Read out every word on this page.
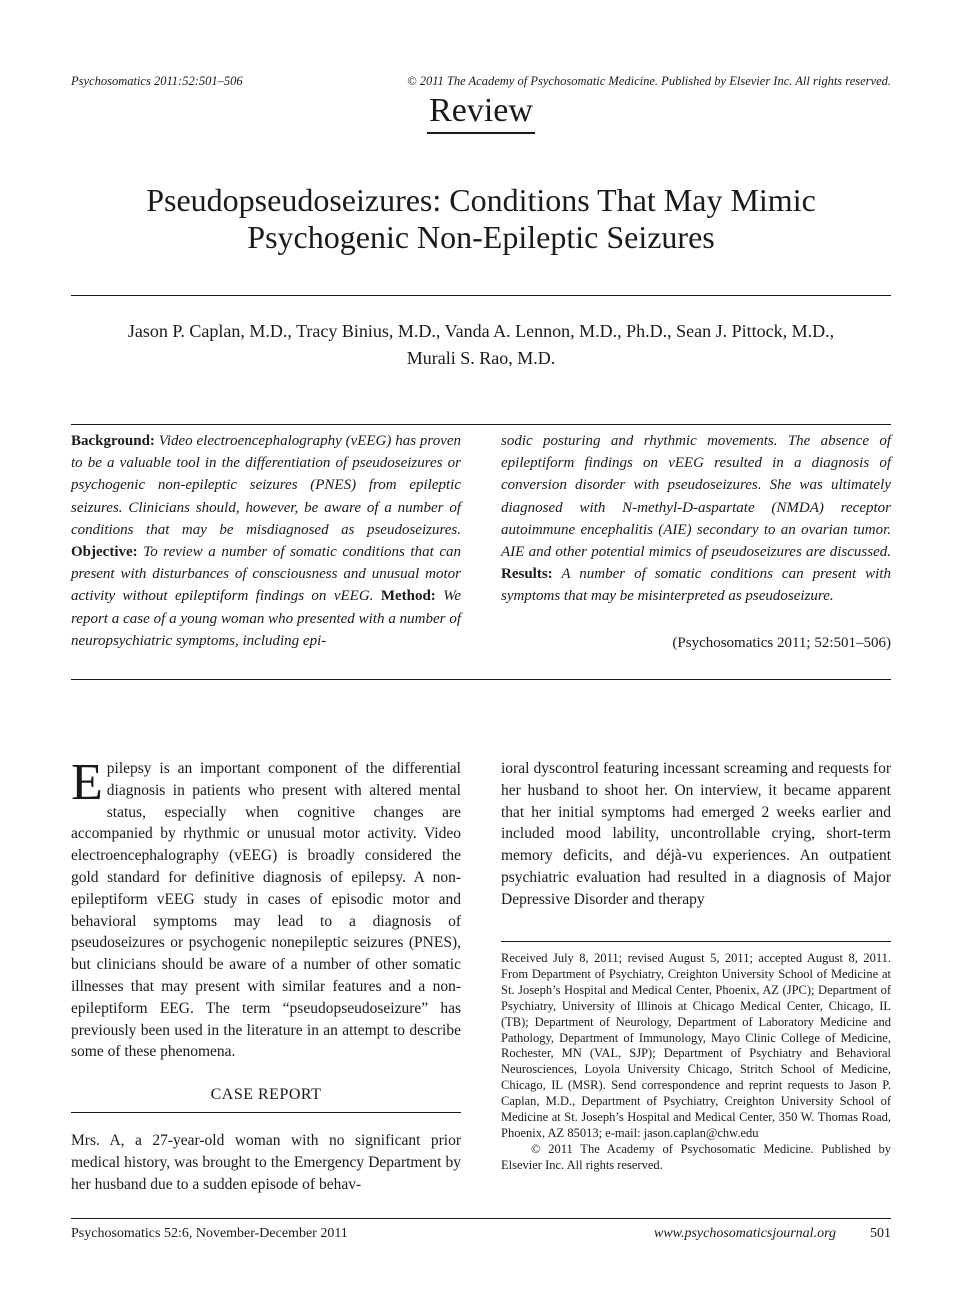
Psychosomatics 2011:52:501–506	© 2011 The Academy of Psychosomatic Medicine. Published by Elsevier Inc. All rights reserved.
Review
Pseudopseudoseizures: Conditions That May Mimic
Psychogenic Non-Epileptic Seizures
Jason P. Caplan, M.D., Tracy Binius, M.D., Vanda A. Lennon, M.D., Ph.D., Sean J. Pittock, M.D.,
Murali S. Rao, M.D.
Background: Video electroencephalography (vEEG) has proven to be a valuable tool in the differentiation of pseudoseizures or psychogenic non-epileptic seizures (PNES) from epileptic seizures. Clinicians should, however, be aware of a number of conditions that may be misdiagnosed as pseudoseizures. Objective: To review a number of somatic conditions that can present with disturbances of consciousness and unusual motor activity without epileptiform findings on vEEG. Method: We report a case of a young woman who presented with a number of neuropsychiatric symptoms, including epi-
sodic posturing and rhythmic movements. The absence of epileptiform findings on vEEG resulted in a diagnosis of conversion disorder with pseudoseizures. She was ultimately diagnosed with N-methyl-D-aspartate (NMDA) receptor autoimmune encephalitis (AIE) secondary to an ovarian tumor. AIE and other potential mimics of pseudoseizures are discussed. Results: A number of somatic conditions can present with symptoms that may be misinterpreted as pseudoseizure.
(Psychosomatics 2011; 52:501–506)
Epilepsy is an important component of the differential diagnosis in patients who present with altered mental status, especially when cognitive changes are accompanied by rhythmic or unusual motor activity. Video electroencephalography (vEEG) is broadly considered the gold standard for definitive diagnosis of epilepsy. A non-epileptiform vEEG study in cases of episodic motor and behavioral symptoms may lead to a diagnosis of pseudoseizures or psychogenic nonepileptic seizures (PNES), but clinicians should be aware of a number of other somatic illnesses that may present with similar features and a non-epileptiform EEG. The term “pseudopseudoseizure” has previously been used in the literature in an attempt to describe some of these phenomena.
CASE REPORT
Mrs. A, a 27-year-old woman with no significant prior medical history, was brought to the Emergency Department by her husband due to a sudden episode of behav-
ioral dyscontrol featuring incessant screaming and requests for her husband to shoot her. On interview, it became apparent that her initial symptoms had emerged 2 weeks earlier and included mood lability, uncontrollable crying, short-term memory deficits, and déjà-vu experiences. An outpatient psychiatric evaluation had resulted in a diagnosis of Major Depressive Disorder and therapy
Received July 8, 2011; revised August 5, 2011; accepted August 8, 2011. From Department of Psychiatry, Creighton University School of Medicine at St. Joseph’s Hospital and Medical Center, Phoenix, AZ (JPC); Department of Psychiatry, University of Illinois at Chicago Medical Center, Chicago, IL (TB); Department of Neurology, Department of Laboratory Medicine and Pathology, Department of Immunology, Mayo Clinic College of Medicine, Rochester, MN (VAL, SJP); Department of Psychiatry and Behavioral Neurosciences, Loyola University Chicago, Stritch School of Medicine, Chicago, IL (MSR). Send correspondence and reprint requests to Jason P. Caplan, M.D., Department of Psychiatry, Creighton University School of Medicine at St. Joseph’s Hospital and Medical Center, 350 W. Thomas Road, Phoenix, AZ 85013; e-mail: jason.caplan@chw.edu
© 2011 The Academy of Psychosomatic Medicine. Published by Elsevier Inc. All rights reserved.
Psychosomatics 52:6, November-December 2011	www.psychosomaticsjournal.org 501
